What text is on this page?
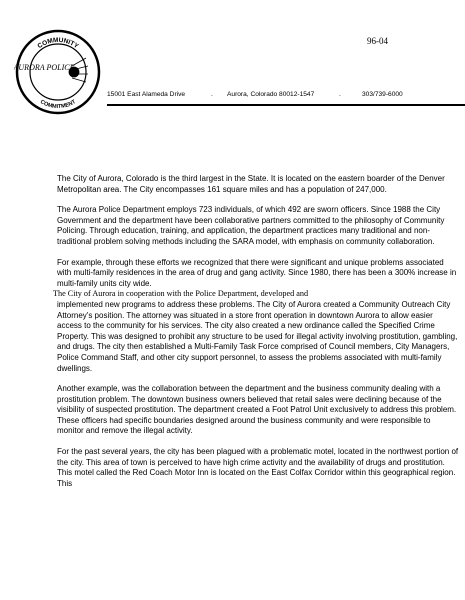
COMMUNITY
COMMITMENT
AURORA POLICE
96-04
15001 East Alameda Drive	. Aurora, Colorado 80012-1547	.	303/739-6000

The City of Aurora, Colorado is the third largest in the State. It is located on the eastern boarder of the Denver Metropolitan area. The City encompasses 161 square miles and has a population of 247,000.

The Aurora Police Department employs 723 individuals, of which 492 are sworn officers. Since 1988 the City Government and the department have been collaborative partners committed to the philosophy of Community Policing. Through education, training, and application, the department practices many traditional and non-traditional problem solving methods including the SARA model, with emphasis on community collaboration.

For example, through these efforts we recognized that there were significant and unique problems associated with multi-family residences in the area of drug and gang activity. Since 1980, there has been a 300% increase in multi-family units city wide.

The City of Aurora in cooperation with the Police Department, developed and

implemented new programs to address these problems. The City of Aurora created a Community Outreach City Attorney's position. The attorney was situated in a store front operation in downtown Aurora to allow easier access to the community for his services. The city also created a new ordinance called the Specified Crime Property. This was designed to prohibit any structure to be used for illegal activity involving prostitution, gambling, and drugs. The city then established a Multi-Family Task Force comprised of Council members, City Managers, Police Command Staff, and other city support personnel, to assess the problems associated with multi-family dwellings.

Another example, was the collaboration between the department and the business community dealing with a prostitution problem. The downtown business owners believed that retail sales were declining because of the visibility of suspected prostitution. The department created a Foot Patrol Unit exclusively to address this problem. These officers had specific boundaries designed around the business community and were responsible to monitor and remove the illegal activity.

For the past several years, the city has been plagued with a problematic motel, located in the northwest portion of the city. This area of town is perceived to have high crime activity and the availability of drugs and prostitution. This motel called the Red Coach Motor Inn is located on the East Colfax Corridor within this geographical region. This
